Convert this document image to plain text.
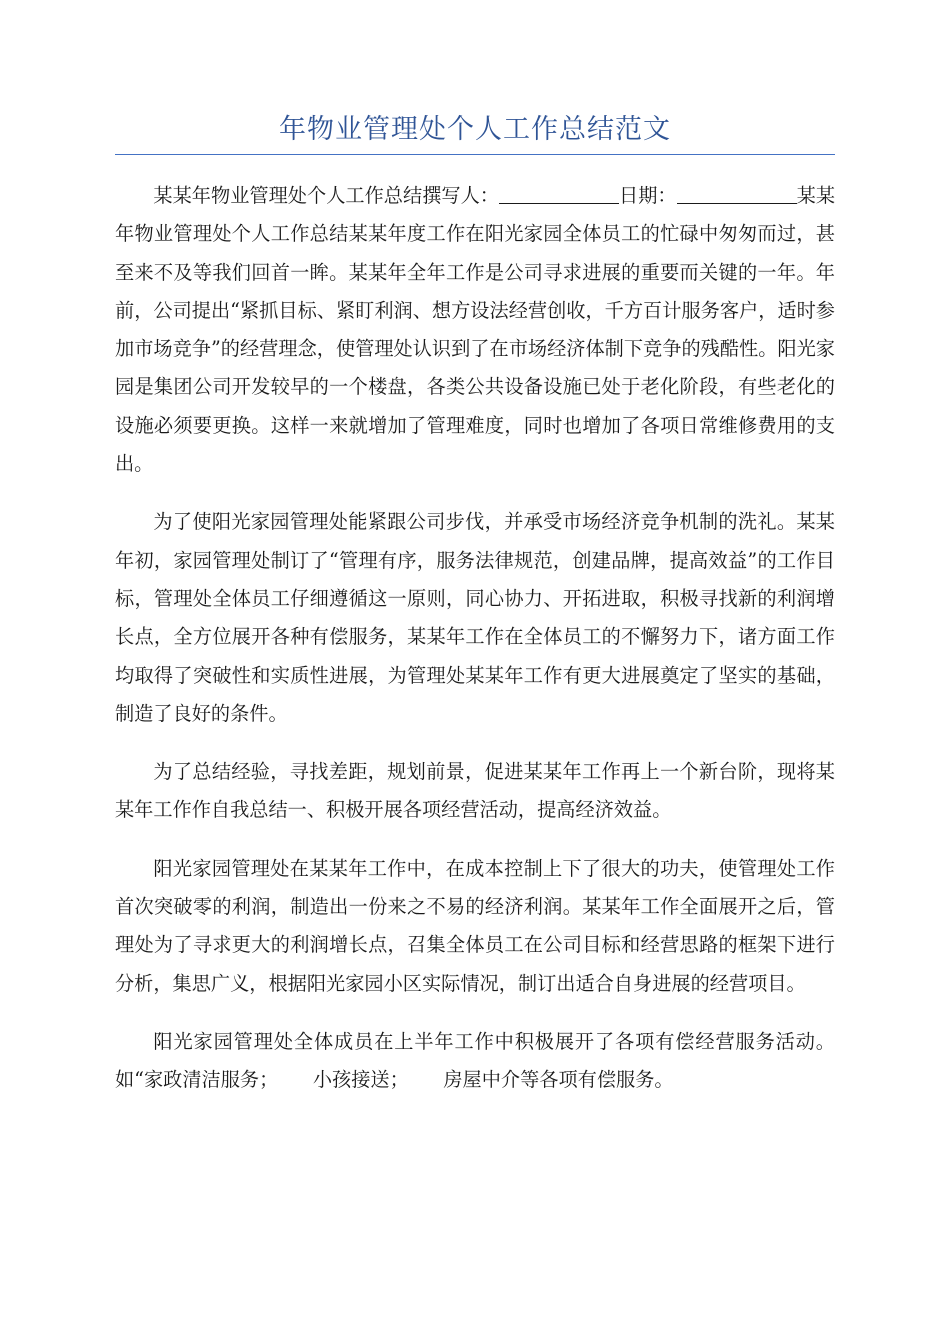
年物业管理处个人工作总结范文

某某年物业管理处个人工作总结撰写人：	日期：	某某年物业管理处个人工作总结某某年度工作在阳光家园全体员工的忙碌中匆匆而过，甚至来不及等我们回首一眸。某某年全年工作是公司寻求进展的重要而关键的一年。年前，公司提出“紧抓目标、紧盯利润、想方设法经营创收，千方百计服务客户，适时参加市场竞争”的经营理念，使管理处认识到了在市场经济体制下竞争的残酷性。阳光家园是集团公司开发较早的一个楼盘，各类公共设备设施已处于老化阶段，有些老化的设施必须要更换。这样一来就增加了管理难度，同时也增加了各项日常维修费用的支出。

为了使阳光家园管理处能紧跟公司步伐，并承受市场经济竞争机制的洗礼。某某年初，家园管理处制订了“管理有序，服务法律规范，创建品牌，提高效益”的工作目标，管理处全体员工仔细遵循这一原则，同心协力、开拓进取，积极寻找新的利润增长点，全方位展开各种有偿服务，某某年工作在全体员工的不懈努力下，诸方面工作均取得了突破性和实质性进展，为管理处某某年工作有更大进展奠定了坚实的基础，制造了良好的条件。

为了总结经验，寻找差距，规划前景，促进某某年工作再上一个新台阶，现将某某年工作作自我总结一、积极开展各项经营活动，提高经济效益。

阳光家园管理处在某某年工作中，在成本控制上下了很大的功夫，使管理处工作首次突破零的利润，制造出一份来之不易的经济利润。某某年工作全面展开之后，管理处为了寻求更大的利润增长点，召集全体员工在公司目标和经营思路的框架下进行分析，集思广义，根据阳光家园小区实际情况，制订出适合自身进展的经营项目。

阳光家园管理处全体成员在上半年工作中积极展开了各项有偿经营服务活动。如“家政清洁服务； 小孩接送； 房屋中介等各项有偿服务。
